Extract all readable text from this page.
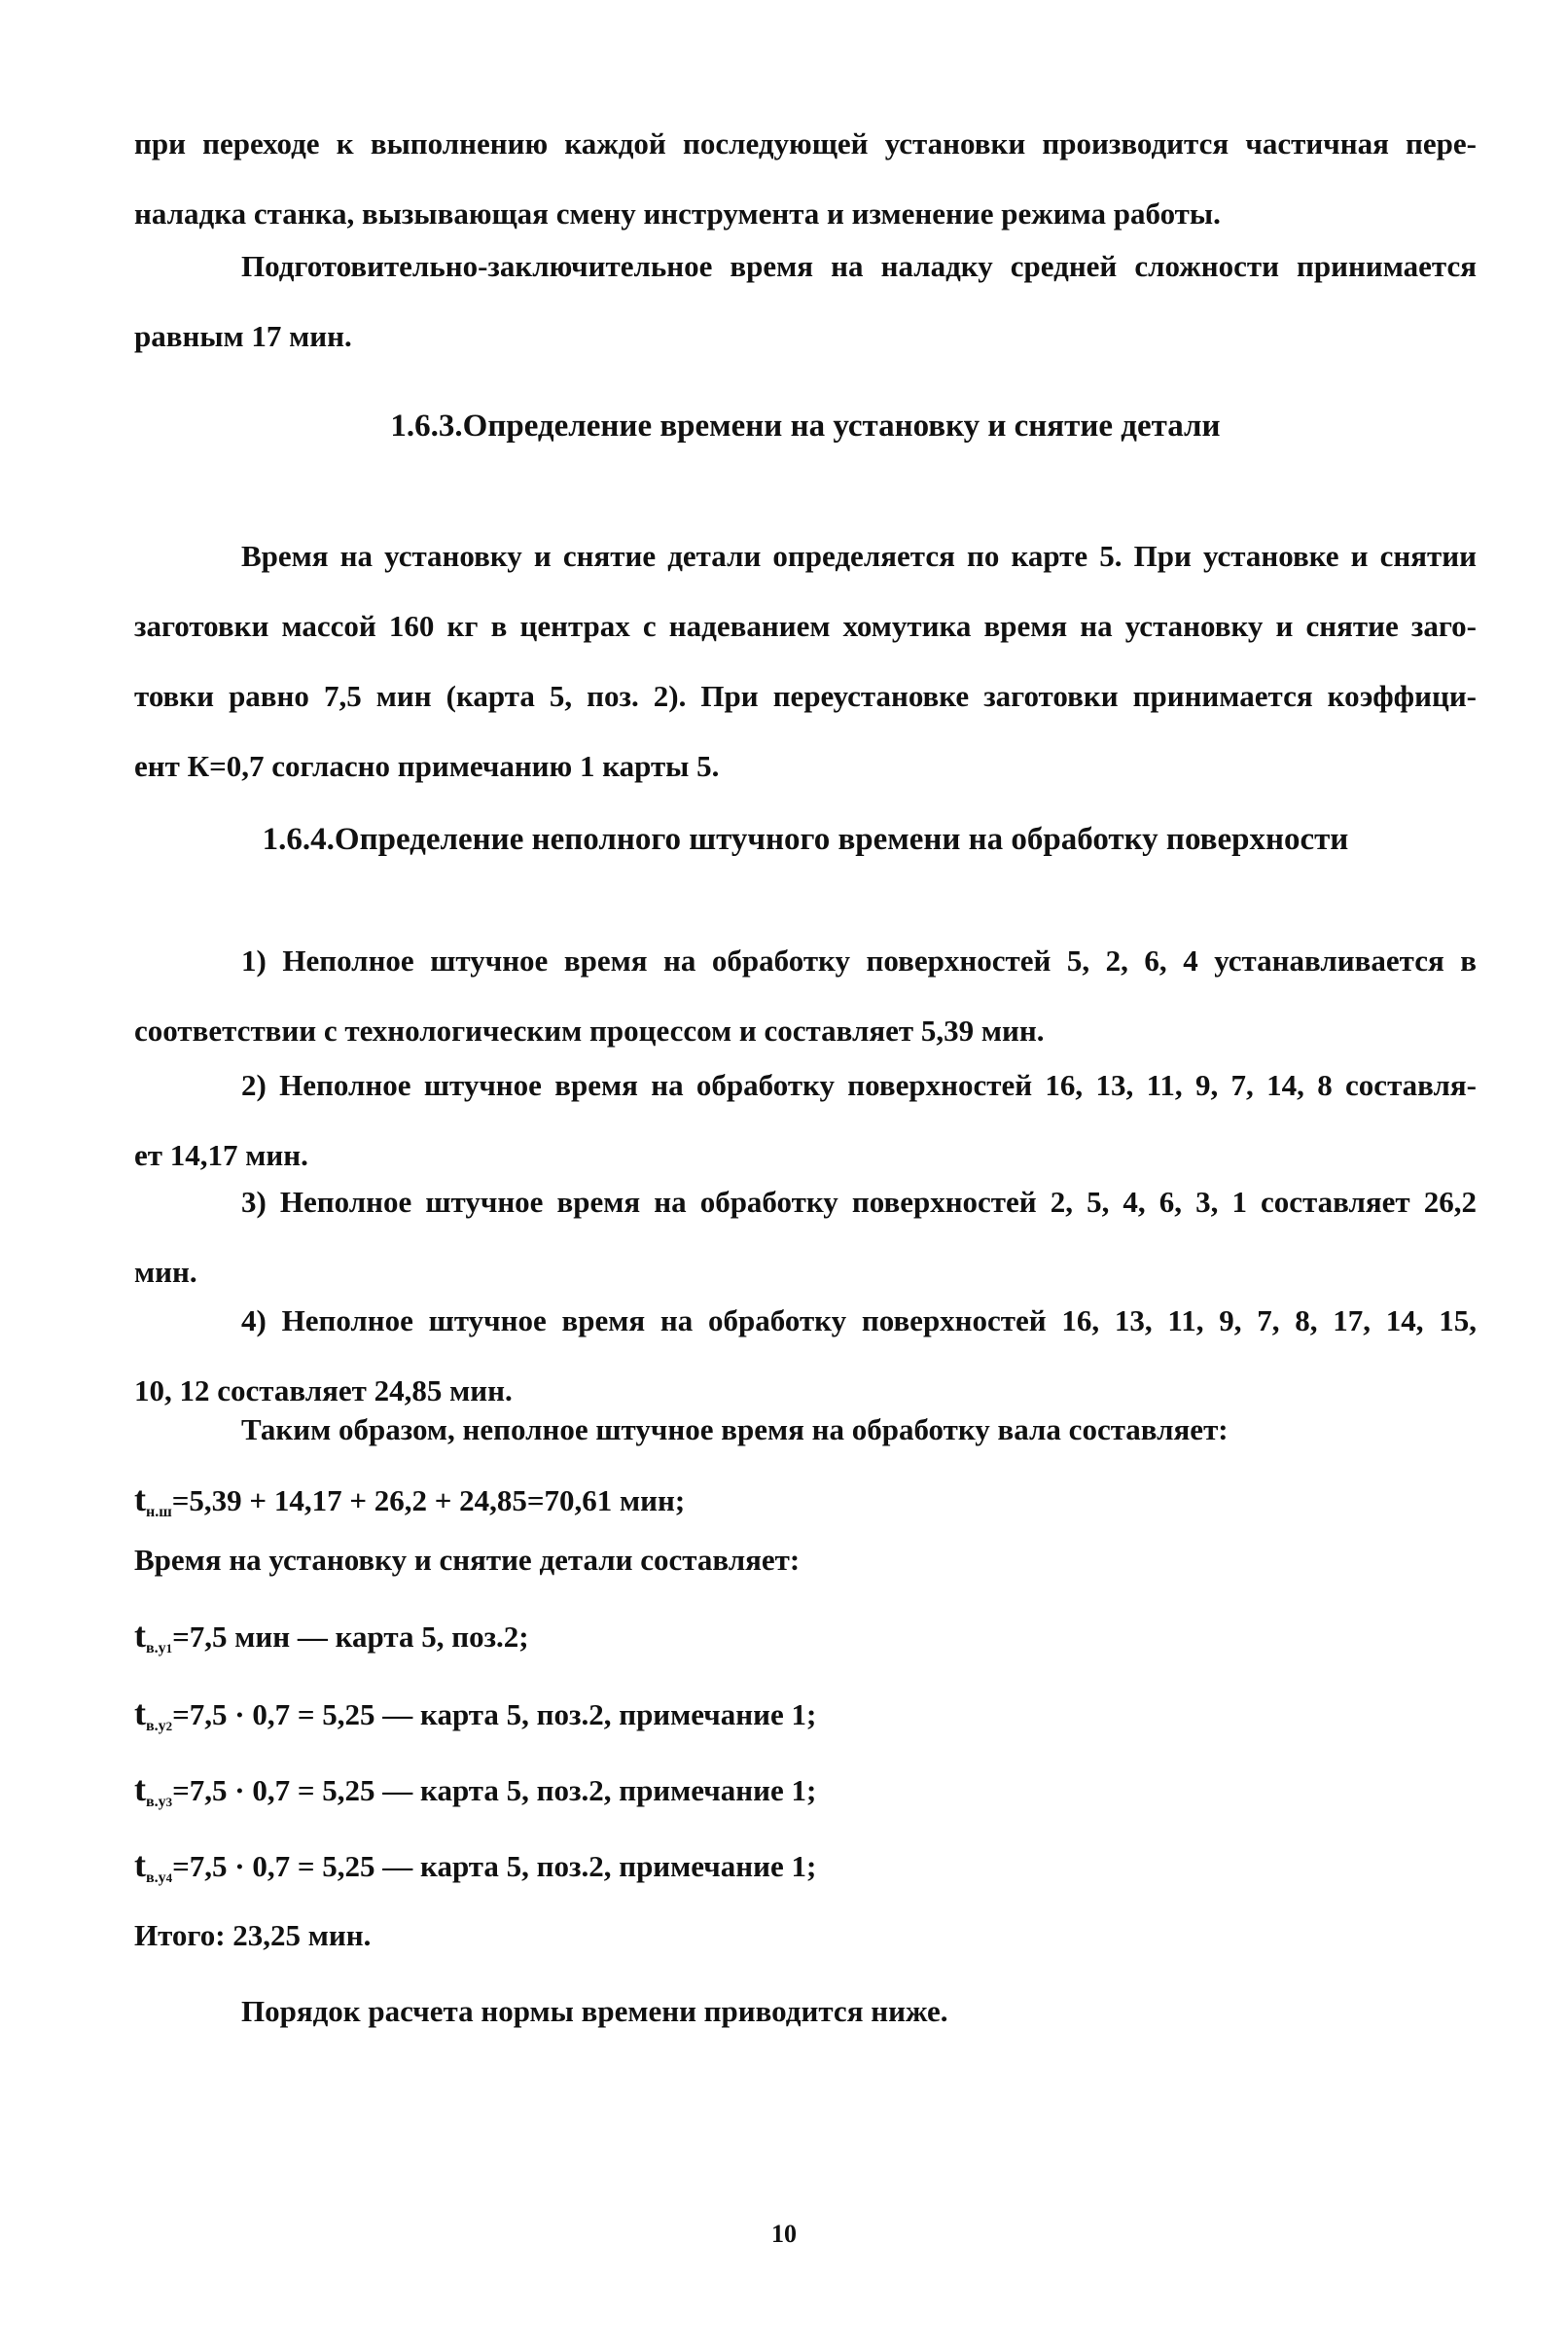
при переходе к выполнению каждой последующей установки производится частичная пере-
наладка станка, вызывающая смену инструмента и изменение режима работы.
Подготовительно-заключительное время на наладку средней сложности принимается
равным 17 мин.
1.6.3.Определение времени на установку и снятие детали
Время на установку и снятие детали определяется по карте 5. При установке и снятии
заготовки массой 160 кг в центрах с надеванием хомутика время на установку и снятие заго-
товки равно 7,5 мин (карта 5, поз. 2). При переустановке заготовки принимается коэффици-
ент К=0,7 согласно примечанию 1 карты 5.
1.6.4.Определение неполного штучного времени на обработку поверхности
1) Неполное штучное время на обработку поверхностей 5, 2, 6, 4 устанавливается в
соответствии с технологическим процессом и составляет 5,39 мин.
2) Неполное штучное время на обработку поверхностей 16, 13, 11, 9, 7, 14, 8 составля-
ет 14,17 мин.
3) Неполное штучное время на обработку поверхностей 2, 5, 4, 6, 3, 1 составляет 26,2
мин.
4) Неполное штучное время на обработку поверхностей 16, 13, 11, 9, 7, 8, 17, 14, 15,
10, 12 составляет 24,85 мин.
Таким образом, неполное штучное время на обработку вала составляет:
$t_{н.ш}=5,39 + 14,17 + 26,2 + 24,85=70,61$ мин;
Время на установку и снятие детали составляет:
$t_{в.у1}=7,5$ мин — карта 5, поз.2;
$t_{в.у2}=7,5 \cdot 0,7 = 5,25$ — карта 5, поз.2, примечание 1;
$t_{в.у3}=7,5 \cdot 0,7 = 5,25$ — карта 5, поз.2, примечание 1;
$t_{в.у4}=7,5 \cdot 0,7 = 5,25$ — карта 5, поз.2, примечание 1;
Итого: 23,25 мин.
Порядок расчета нормы времени приводится ниже.
10
